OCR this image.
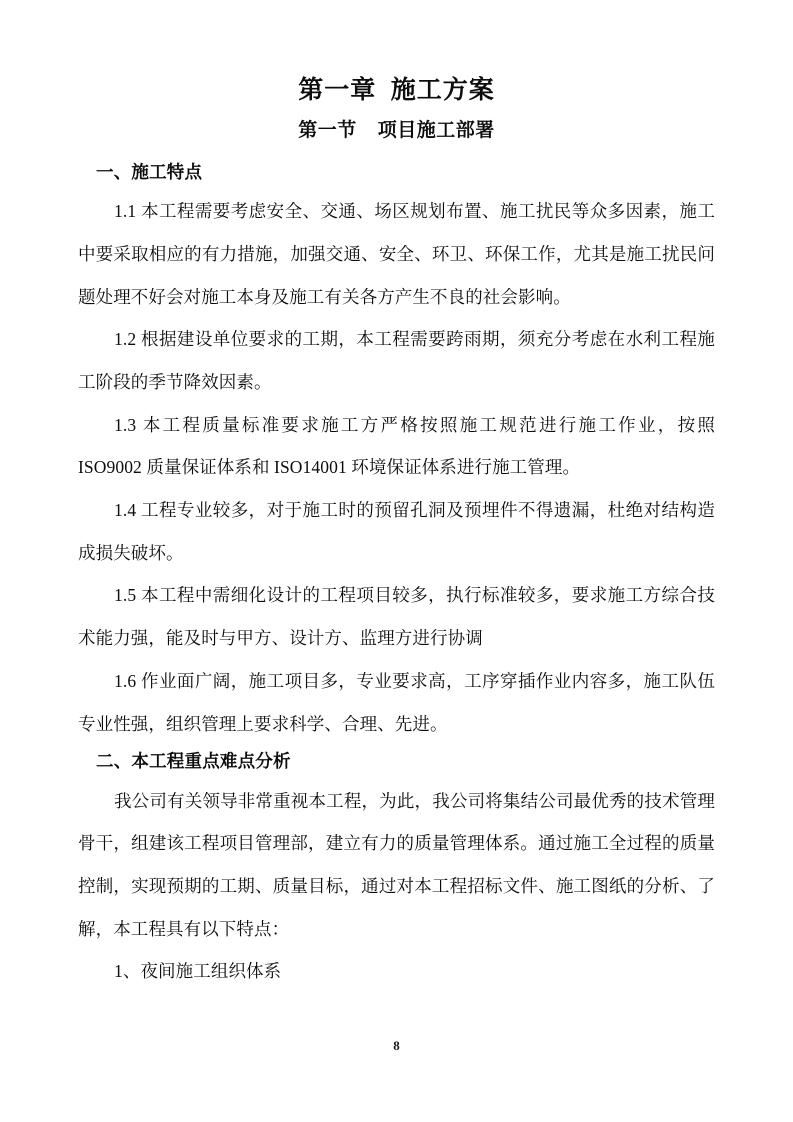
第一章  施工方案
第一节    项目施工部署
一、施工特点

1.1 本工程需要考虑安全、交通、场区规划布置、施工扰民等众多因素，施工中要采取相应的有力措施，加强交通、安全、环卫、环保工作，尤其是施工扰民问题处理不好会对施工本身及施工有关各方产生不良的社会影响。

1.2 根据建设单位要求的工期，本工程需要跨雨期，须充分考虑在水利工程施工阶段的季节降效因素。

1.3 本工程质量标准要求施工方严格按照施工规范进行施工作业，按照 ISO9002 质量保证体系和 ISO14001 环境保证体系进行施工管理。

1.4 工程专业较多，对于施工时的预留孔洞及预埋件不得遗漏，杜绝对结构造成损失破坏。

1.5 本工程中需细化设计的工程项目较多，执行标准较多，要求施工方综合技术能力强，能及时与甲方、设计方、监理方进行协调

1.6 作业面广阔，施工项目多，专业要求高，工序穿插作业内容多，施工队伍专业性强，组织管理上要求科学、合理、先进。

二、本工程重点难点分析

我公司有关领导非常重视本工程，为此，我公司将集结公司最优秀的技术管理骨干，组建该工程项目管理部，建立有力的质量管理体系。通过施工全过程的质量控制，实现预期的工期、质量目标，通过对本工程招标文件、施工图纸的分析、了解，本工程具有以下特点：

1、夜间施工组织体系

8
